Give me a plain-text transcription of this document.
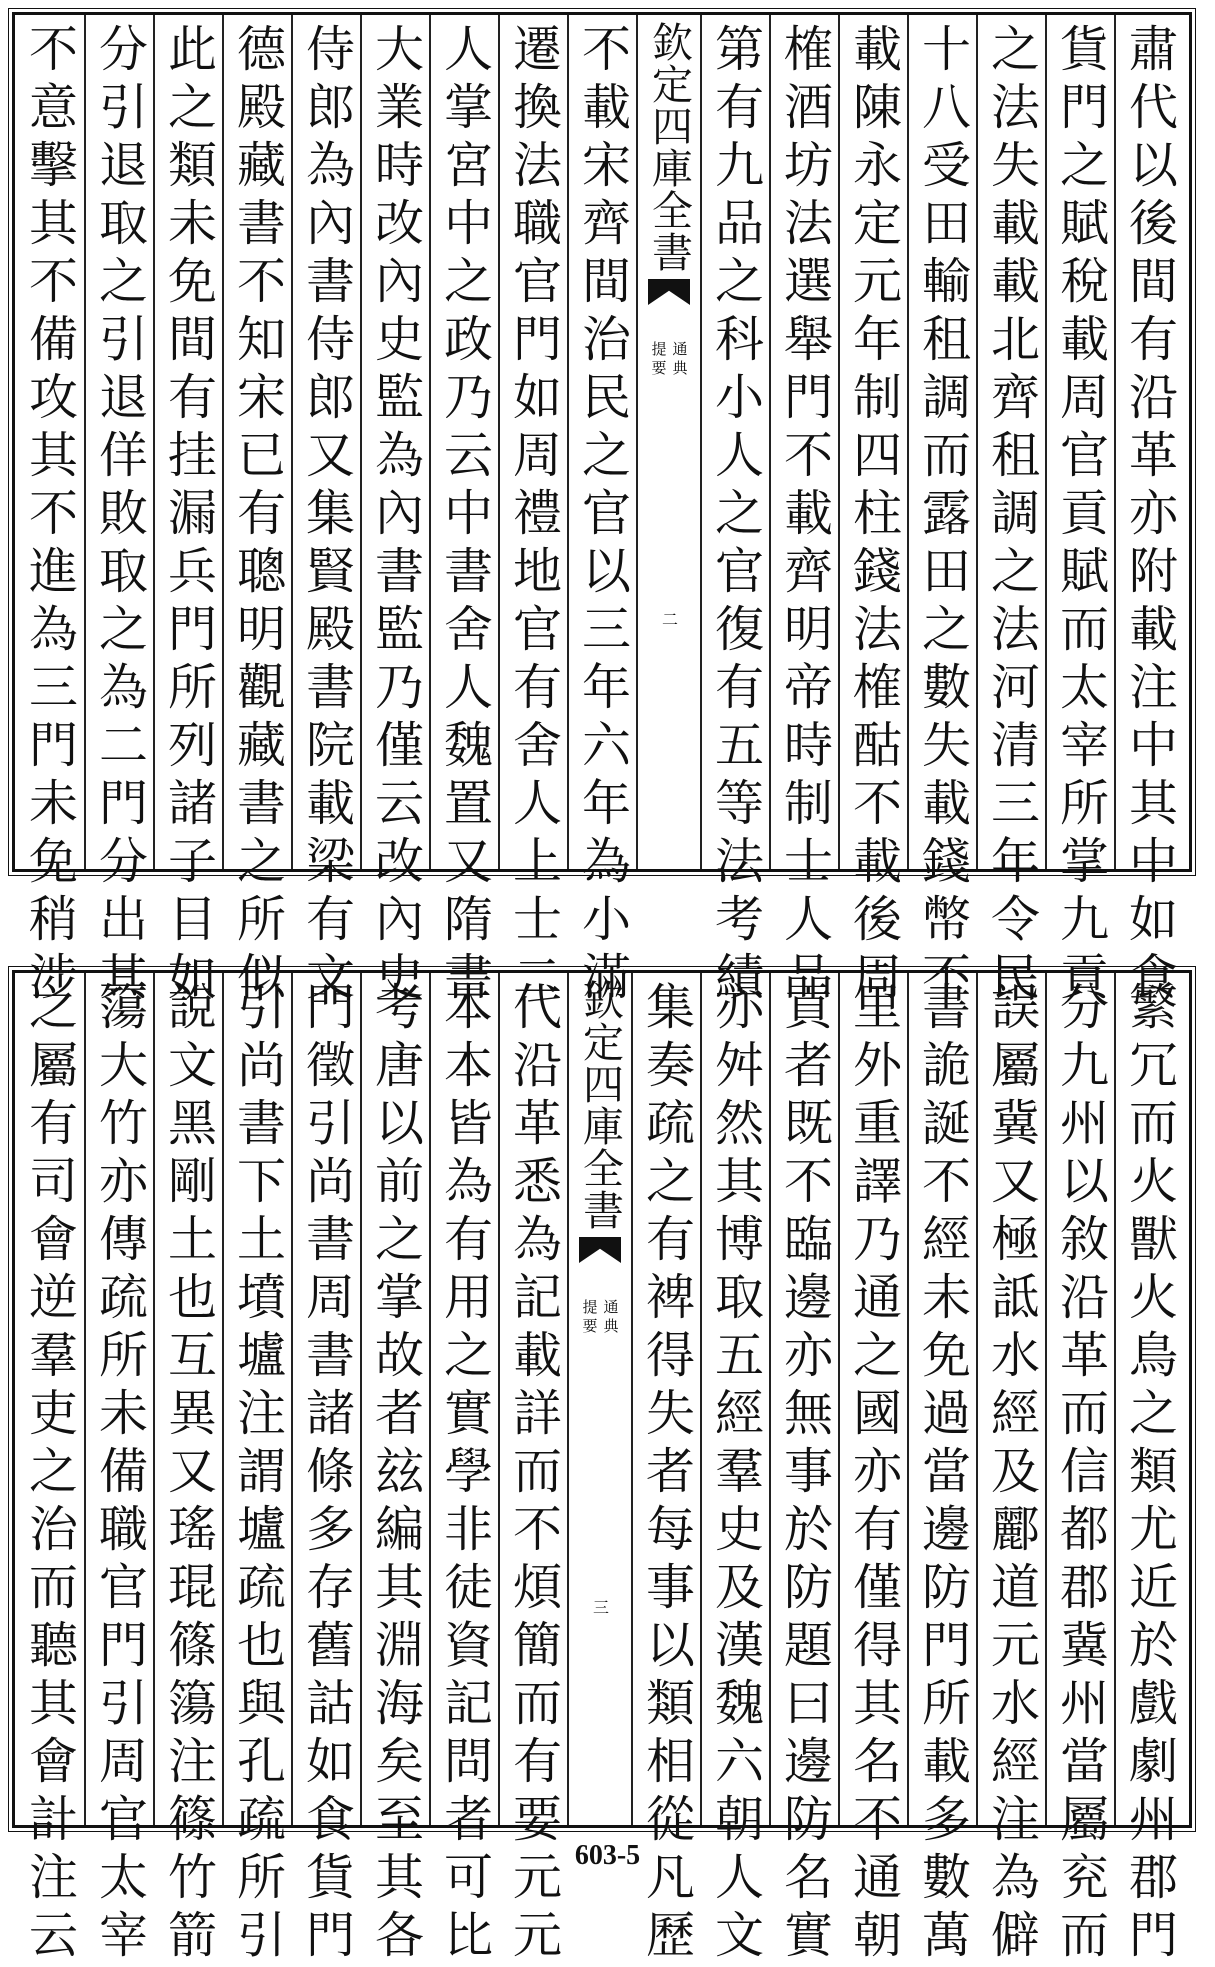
不意擊其不備攻其不進為三門未免稍涉 分引退取之引退佯敗取之為二門分出其 此之類未免間有挂漏兵門所列諸子目如 德殿藏書不知宋已有聰明觀藏書之所似 侍郎為內書侍郎又集賢殿書院載梁有文 大業時改內史監為內書監乃僅云改內史 人掌宮中之政乃云中書舍人魏置又隋書 遷換法職官門如周禮地官有舍人上士二 不載宋齊間治民之官以三年六年為小滿 欽定四庫全書
通典
提要
二 第有九品之科小人之官復有五等法考績 榷酒坊法選舉門不載齊明帝時制士人品 載陳永定元年制四柱錢法榷酤不載後周 十八受田輸租調而露田之數失載錢幣不 之法失載載北齊租調之法河清三年令民 貨門之賦稅載周官貢賦而太宰所掌九貢 肅代以後間有沿革亦附載注中其中如食
之屬有司會逆羣吏之治而聽其會計注云 簜大竹亦傳疏所未備職官門引周官太宰 說文黑剛土也互異又瑤琨篠簜注篠竹箭 引尚書下土墳壚注謂壚疏也與孔疏所引 門徵引尚書周書諸條多存舊詁如食貨門 考唐以前之掌故者玆編其淵海矣至其各 本本皆為有用之實學非徒資記問者可比 代沿革悉為記載詳而不煩簡而有要元元 欽定四庫全書
通典
提要
三 集奏疏之有裨得失者每事以類相從凡歷 亦舛然其博取五經羣史及漢魏六朝人文 貢者既不臨邊亦無事於防題曰邊防名實 里外重譯乃通之國亦有僅得其名不通朝 書詭誕不經未免過當邊防門所載多數萬 誤屬冀又極詆水經及酈道元水經注為僻 分九州以敘沿革而信都郡冀州當屬兖而 繁冗而火獸火鳥之類尤近於戲劇州郡門
603-5
